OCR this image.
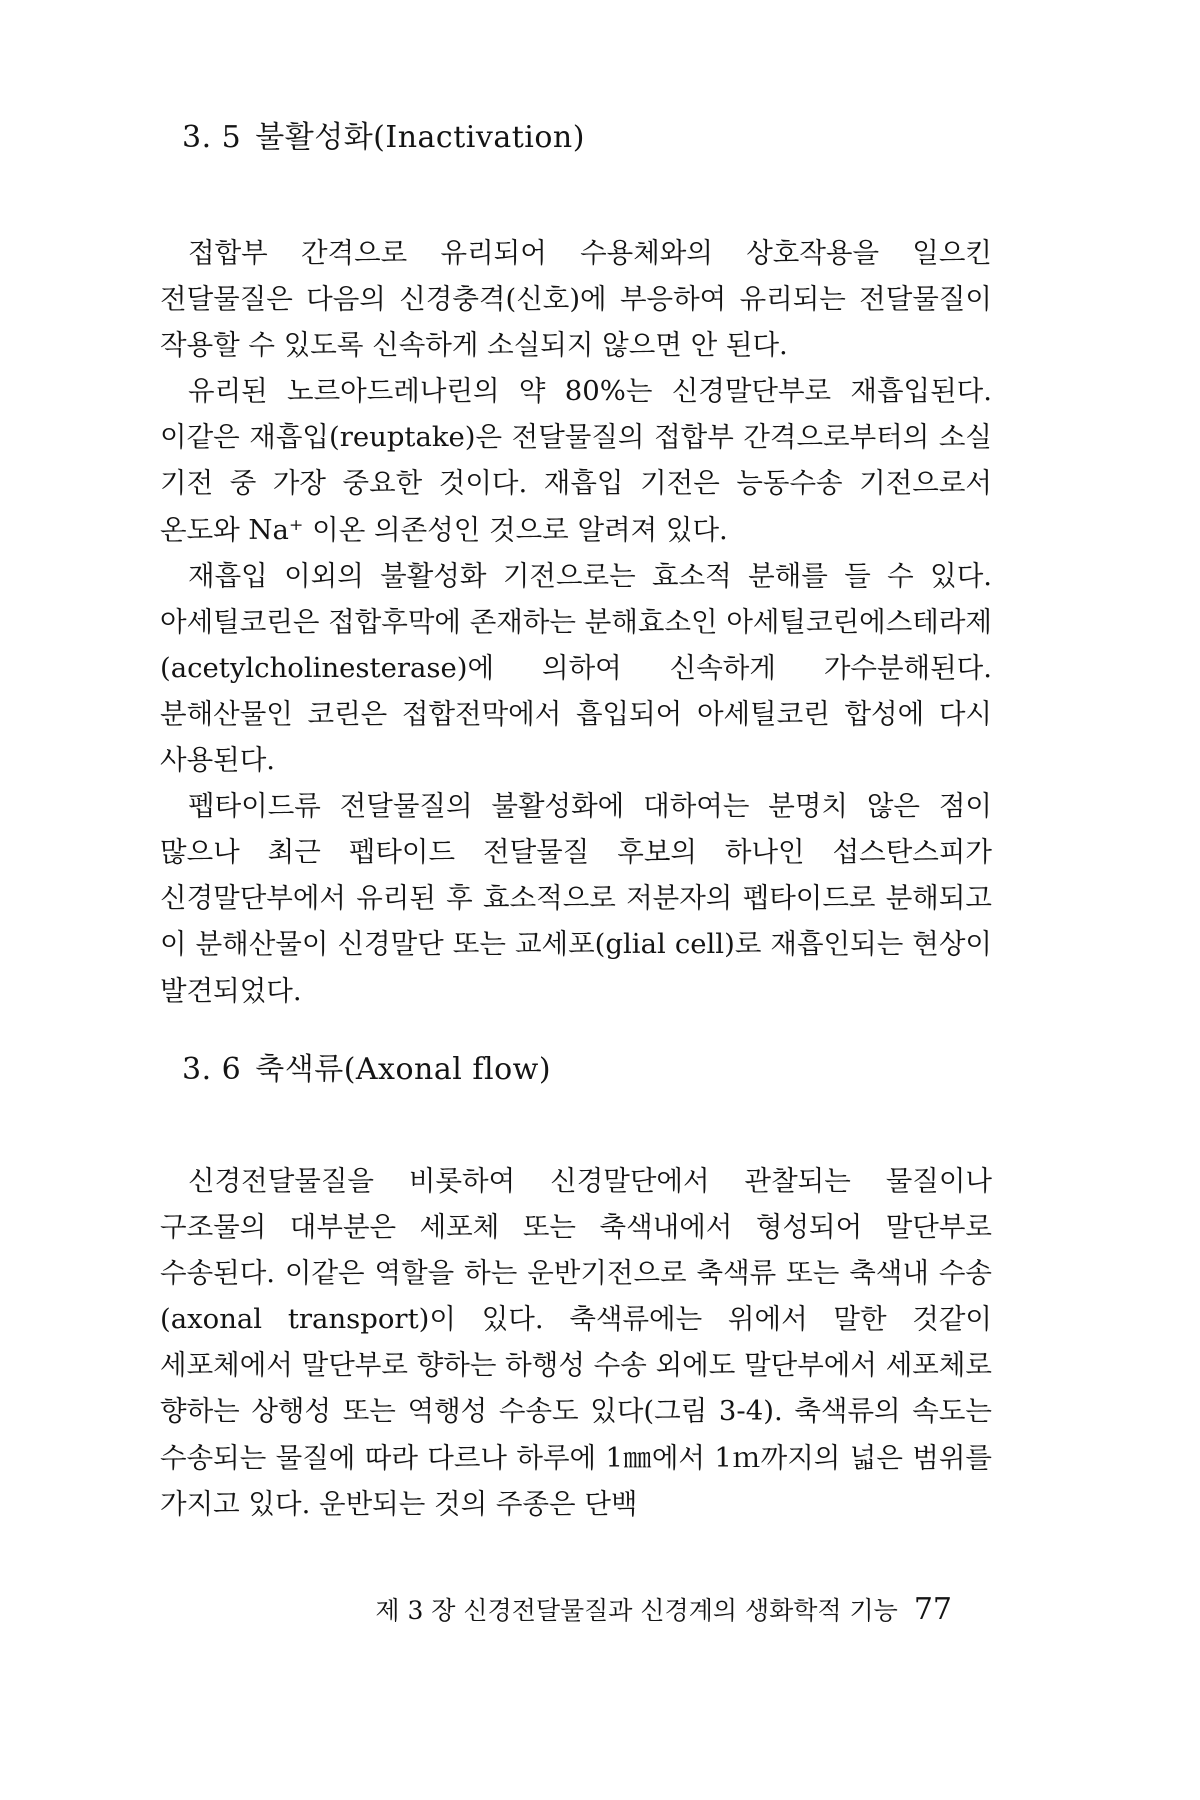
3. 5 불활성화(Inactivation)

접합부 간격으로 유리되어 수용체와의 상호작용을 일으킨 전달물질은 다음의 신경충격(신호)에 부응하여 유리되는 전달물질이 작용할 수 있도록 신속하게 소실되지 않으면 안 된다.

유리된 노르아드레나린의 약 80%는 신경말단부로 재흡입된다. 이같은 재흡입(reuptake)은 전달물질의 접합부 간격으로부터의 소실 기전 중 가장 중요한 것이다. 재흡입 기전은 능동수송 기전으로서 온도와 Na⁺ 이온 의존성인 것으로 알려져 있다.

재흡입 이외의 불활성화 기전으로는 효소적 분해를 들 수 있다. 아세틸코린은 접합후막에 존재하는 분해효소인 아세틸코린에스테라제(acetylcholinesterase)에 의하여 신속하게 가수분해된다. 분해산물인 코린은 접합전막에서 흡입되어 아세틸코린 합성에 다시 사용된다.

펩타이드류 전달물질의 불활성화에 대하여는 분명치 않은 점이 많으나 최근 펩타이드 전달물질 후보의 하나인 섭스탄스피가 신경말단부에서 유리된 후 효소적으로 저분자의 펩타이드로 분해되고 이 분해산물이 신경말단 또는 교세포(glial cell)로 재흡인되는 현상이 발견되었다.

3. 6 축색류(Axonal flow)

신경전달물질을 비롯하여 신경말단에서 관찰되는 물질이나 구조물의 대부분은 세포체 또는 축색내에서 형성되어 말단부로 수송된다. 이같은 역할을 하는 운반기전으로 축색류 또는 축색내 수송(axonal transport)이 있다. 축색류에는 위에서 말한 것같이 세포체에서 말단부로 향하는 하행성 수송 외에도 말단부에서 세포체로 향하는 상행성 또는 역행성 수송도 있다(그림 3-4). 축색류의 속도는 수송되는 물질에 따라 다르나 하루에 1㎜에서 1ｍ까지의 넓은 범위를 가지고 있다. 운반되는 것의 주종은 단백

제 3 장 신경전달물질과 신경계의 생화학적 기능 77
